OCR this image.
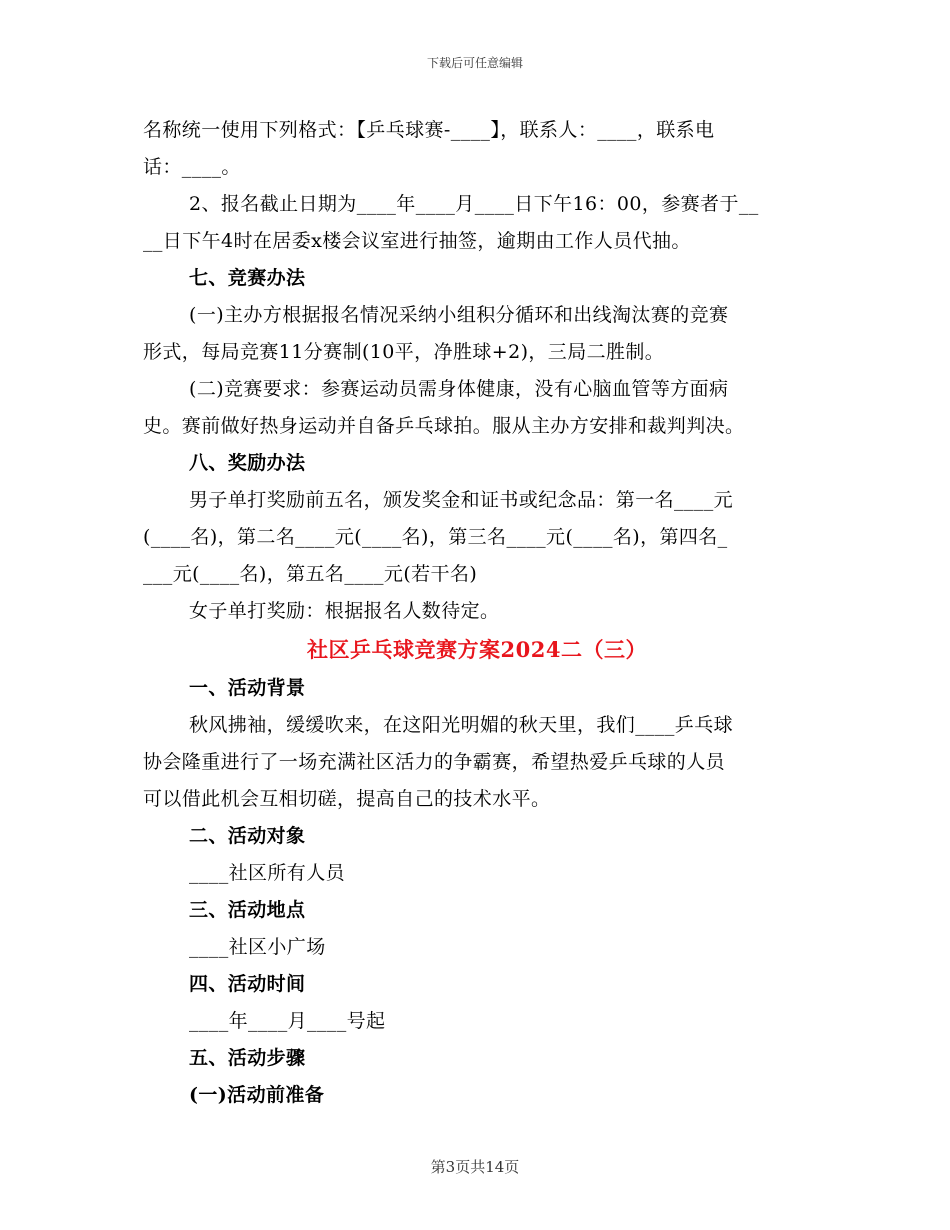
下载后可任意编辑
名称统一使用下列格式：【乒乓球赛-____】，联系人：____，联系电
话：____。
2、报名截止日期为____年____月____日下午16：00，参赛者于__
__日下午4时在居委x楼会议室进行抽签，逾期由工作人员代抽。
七、竞赛办法
(一)主办方根据报名情况采纳小组积分循环和出线淘汰赛的竞赛
形式，每局竞赛11分赛制(10平，净胜球+2)，三局二胜制。
(二)竞赛要求：参赛运动员需身体健康，没有心脑血管等方面病
史。赛前做好热身运动并自备乒乓球拍。服从主办方安排和裁判判决。
八、奖励办法
男子单打奖励前五名，颁发奖金和证书或纪念品：第一名____元
(____名)，第二名____元(____名)，第三名____元(____名)，第四名_
___元(____名)，第五名____元(若干名)
女子单打奖励：根据报名人数待定。
社区乒乓球竞赛方案2024二（三）
一、活动背景
秋风拂袖，缓缓吹来，在这阳光明媚的秋天里，我们____乒乓球
协会隆重进行了一场充满社区活力的争霸赛，希望热爱乒乓球的人员
可以借此机会互相切磋，提高自己的技术水平。
二、活动对象
____社区所有人员
三、活动地点
____社区小广场
四、活动时间
____年____月____号起
五、活动步骤
(一)活动前准备
第3页共14页
